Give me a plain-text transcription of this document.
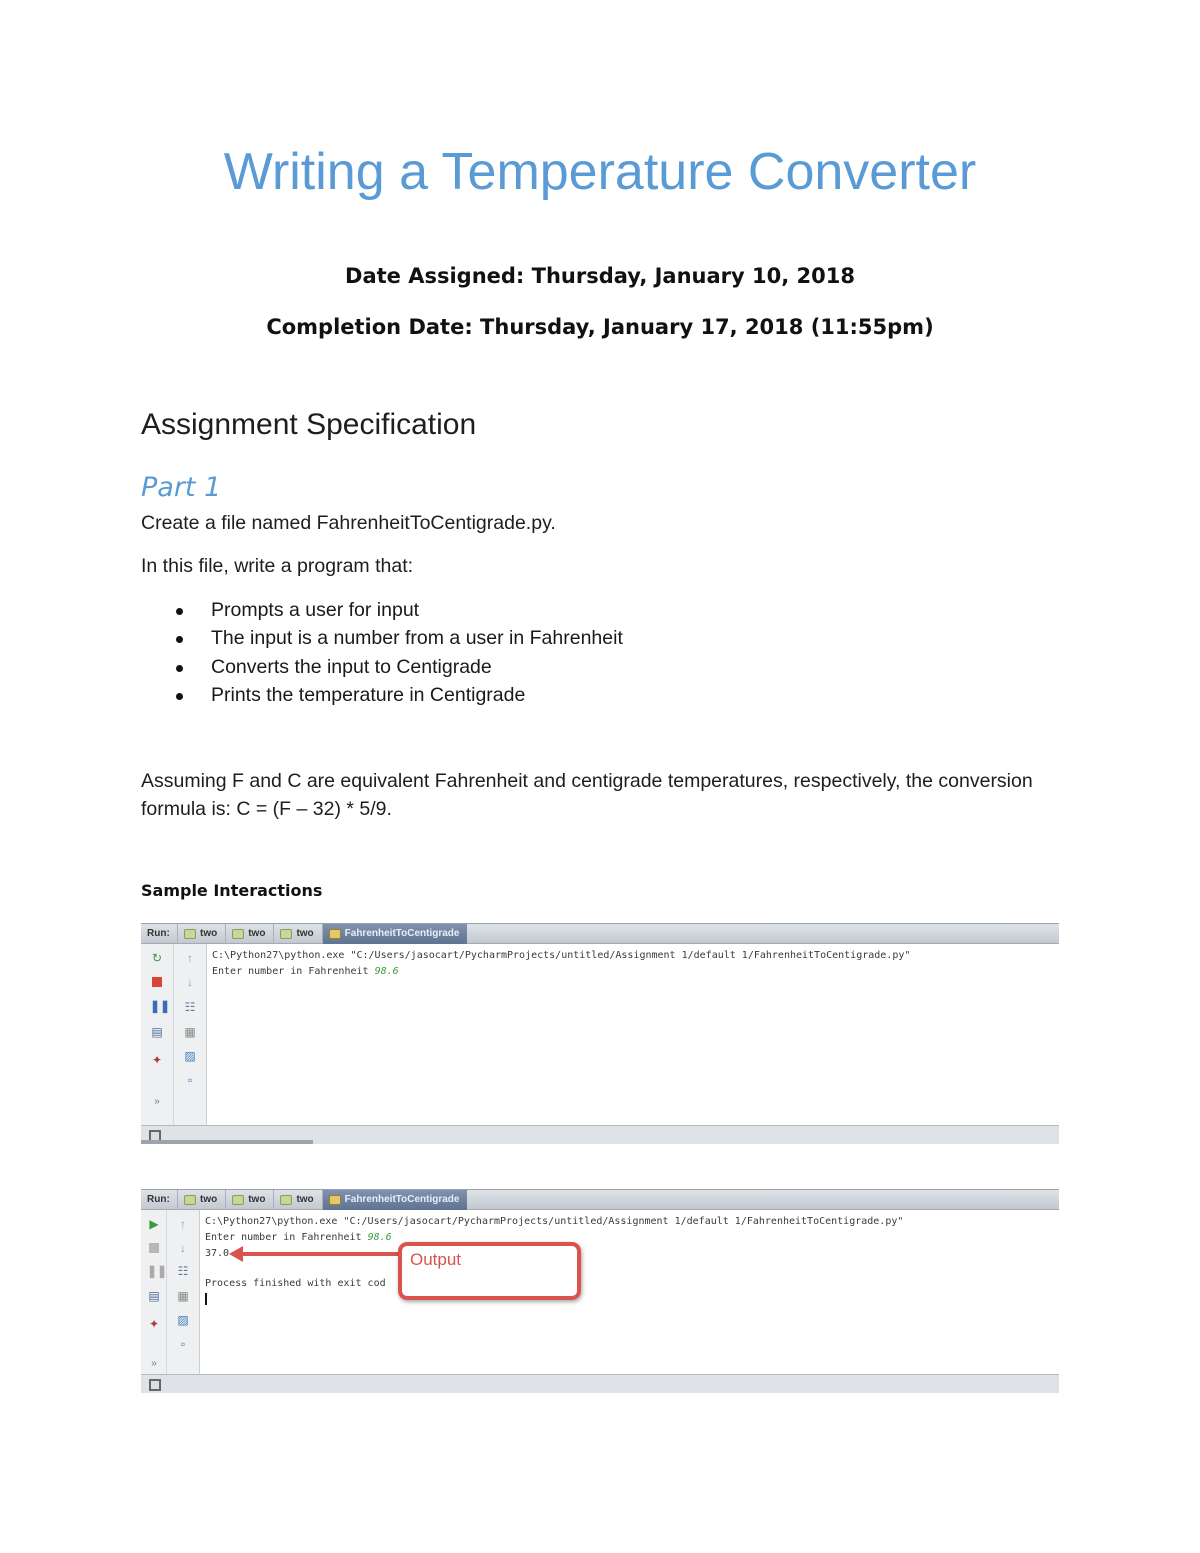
Writing a Temperature Converter
Date Assigned: Thursday, January 10, 2018
Completion Date: Thursday, January 17, 2018 (11:55pm)
Assignment Specification
Part 1
Create a file named FahrenheitToCentigrade.py.
In this file, write a program that:
Prompts a user for input
The input is a number from a user in Fahrenheit
Converts the input to Centigrade
Prints the temperature in Centigrade
Assuming F and C are equivalent Fahrenheit and centigrade temperatures, respectively, the conversion formula is: C = (F – 32) * 5/9.
Sample Interactions
Run:	two	two	two	FahrenheitToCentigrade
↻
❚❚
▤
✦
»
↑
↓
☷
▦
▨
▫
C:\Python27\python.exe "C:/Users/jasocart/PycharmProjects/untitled/Assignment 1/default 1/FahrenheitToCentigrade.py"
Enter number in Fahrenheit 98.6
Run:	two	two	two	FahrenheitToCentigrade
▶
❚❚
▤
✦
»
↑
↓
☷
▦
▨
▫
C:\Python27\python.exe "C:/Users/jasocart/PycharmProjects/untitled/Assignment 1/default 1/FahrenheitToCentigrade.py"
Enter number in Fahrenheit 98.6
37.0
Process finished with exit cod
Output
